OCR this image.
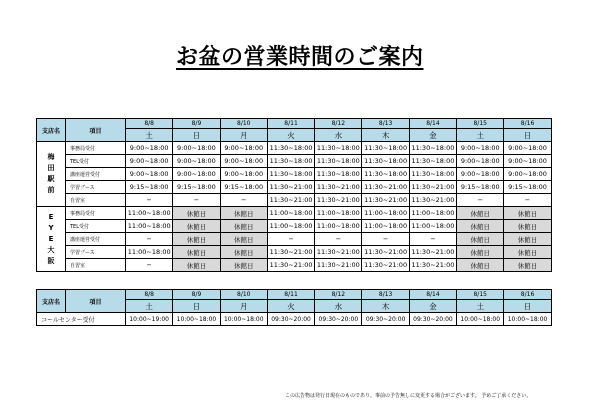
お盆の営業時間のご案内
支店名	項目	8/8	8/9	8/10	8/11	8/12	8/13	8/14	8/15	8/16
		土	日	月	火	水	木	金	土	日

梅
田
駅
前	事務局受付	9:00~18:00	9:00~18:00	9:00~18:00	11:30~18:00	11:30~18:00	11:30~18:00	11:30~18:00	9:00~18:00	9:00~18:00
	TEL受付	9:00~18:00	9:00~18:00	9:00~18:00	11:30~18:00	11:30~18:00	11:30~18:00	11:30~18:00	9:00~18:00	9:00~18:00
	講座運営受付	9:00~18:00	9:00~18:00	9:00~18:00	11:30~18:00	11:30~18:00	11:30~18:00	11:30~18:00	9:00~18:00	9:00~18:00
	学習ブース	9:15~18:00	9:15~18:00	9:15~18:00	11:30~21:00	11:30~21:00	11:30~21:00	11:30~21:00	9:15~18:00	9:15~18:00
	自習室	−	−	−	11:30~21:00	11:30~21:00	11:30~21:00	11:30~21:00	−	−

E
Y
E
大
阪	事務局受付	11:00~18:00	休館日	休館日	11:00~18:00	11:00~18:00	11:00~18:00	11:00~18:00	休館日	休館日
	TEL受付	11:00~18:00	休館日	休館日	11:00~18:00	11:00~18:00	11:00~18:00	11:00~18:00	休館日	休館日
	講座運営受付	−	休館日	休館日	−	−	−	−	休館日	休館日
	学習ブース	11:00~18:00	休館日	休館日	11:30~21:00	11:30~21:00	11:30~21:00	11:30~21:00	休館日	休館日
	自習室	−	休館日	休館日	11:30~21:00	11:30~21:00	11:30~21:00	11:30~21:00	休館日	休館日
支店名	項目	8/8	8/9	8/10	8/11	8/12	8/13	8/14	8/15	8/16
		土	日	月	火	水	木	金	土	日
コールセンター受付		10:00~19:00	10:00~18:00	10:00~18:00	09:30~20:00	09:30~20:00	09:30~20:00	09:30~20:00	10:00~18:00	10:00~18:00
この広告物は発行日現在のものであり、事前の予告無しに変更する場合がございます。 予めご了承ください。
